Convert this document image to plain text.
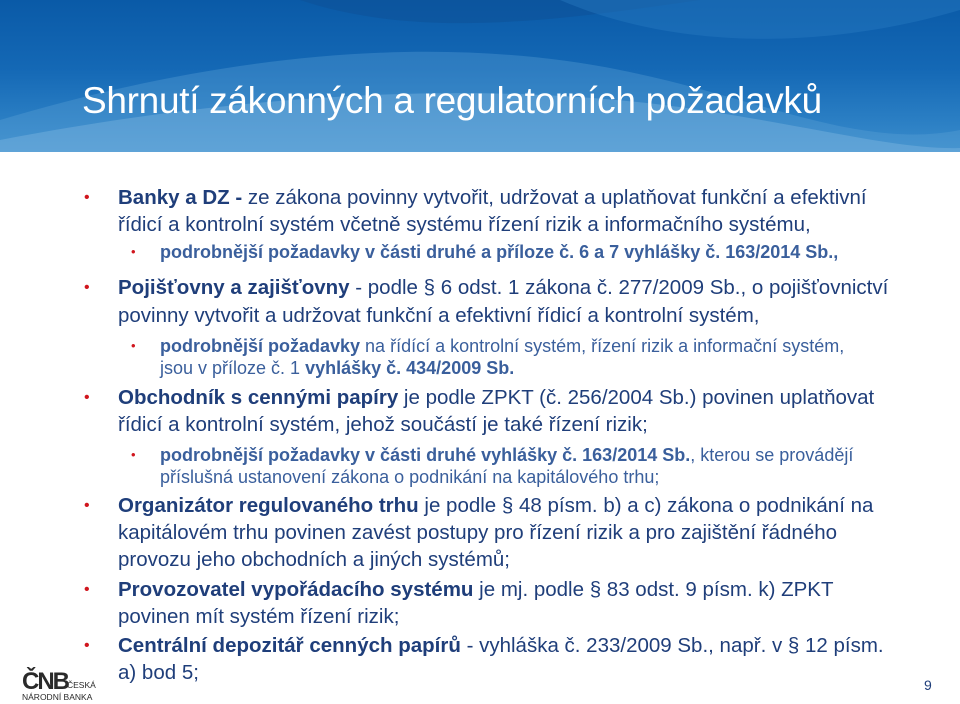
Shrnutí zákonných a regulatorních požadavků
• Banky a DZ - ze zákona povinny vytvořit, udržovat a uplatňovat funkční a efektivní
řídicí a kontrolní systém včetně systému řízení rizik a informačního systému,
• podrobnější požadavky v části druhé a příloze č. 6 a 7 vyhlášky č. 163/2014 Sb.,
• Pojišťovny a zajišťovny - podle § 6 odst. 1 zákona č. 277/2009 Sb., o pojišťovnictví
povinny vytvořit a udržovat funkční a efektivní řídicí a kontrolní systém,
• podrobnější požadavky na řídící a kontrolní systém, řízení rizik a informační systém,
jsou v příloze č. 1 vyhlášky č. 434/2009 Sb.
• Obchodník s cennými papíry je podle ZPKT (č. 256/2004 Sb.) povinen uplatňovat
řídicí a kontrolní systém, jehož součástí je také řízení rizik;
• podrobnější požadavky v části druhé vyhlášky č. 163/2014 Sb., kterou se provádějí
příslušná ustanovení zákona o podnikání na kapitálového trhu;
• Organizátor regulovaného trhu je podle § 48 písm. b) a c) zákona o podnikání na
kapitálovém trhu povinen zavést postupy pro řízení rizik a pro zajištění řádného
provozu jeho obchodních a jiných systémů;
• Provozovatel vypořádacího systému je mj. podle § 83 odst. 9 písm. k) ZPKT
povinen mít systém řízení rizik;
• Centrální depozitář cenných papírů - vyhláška č. 233/2009 Sb., např. v § 12 písm.
a) bod 5;
ČNB ČESKÁ
NÁRODNÍ BANKA
9
